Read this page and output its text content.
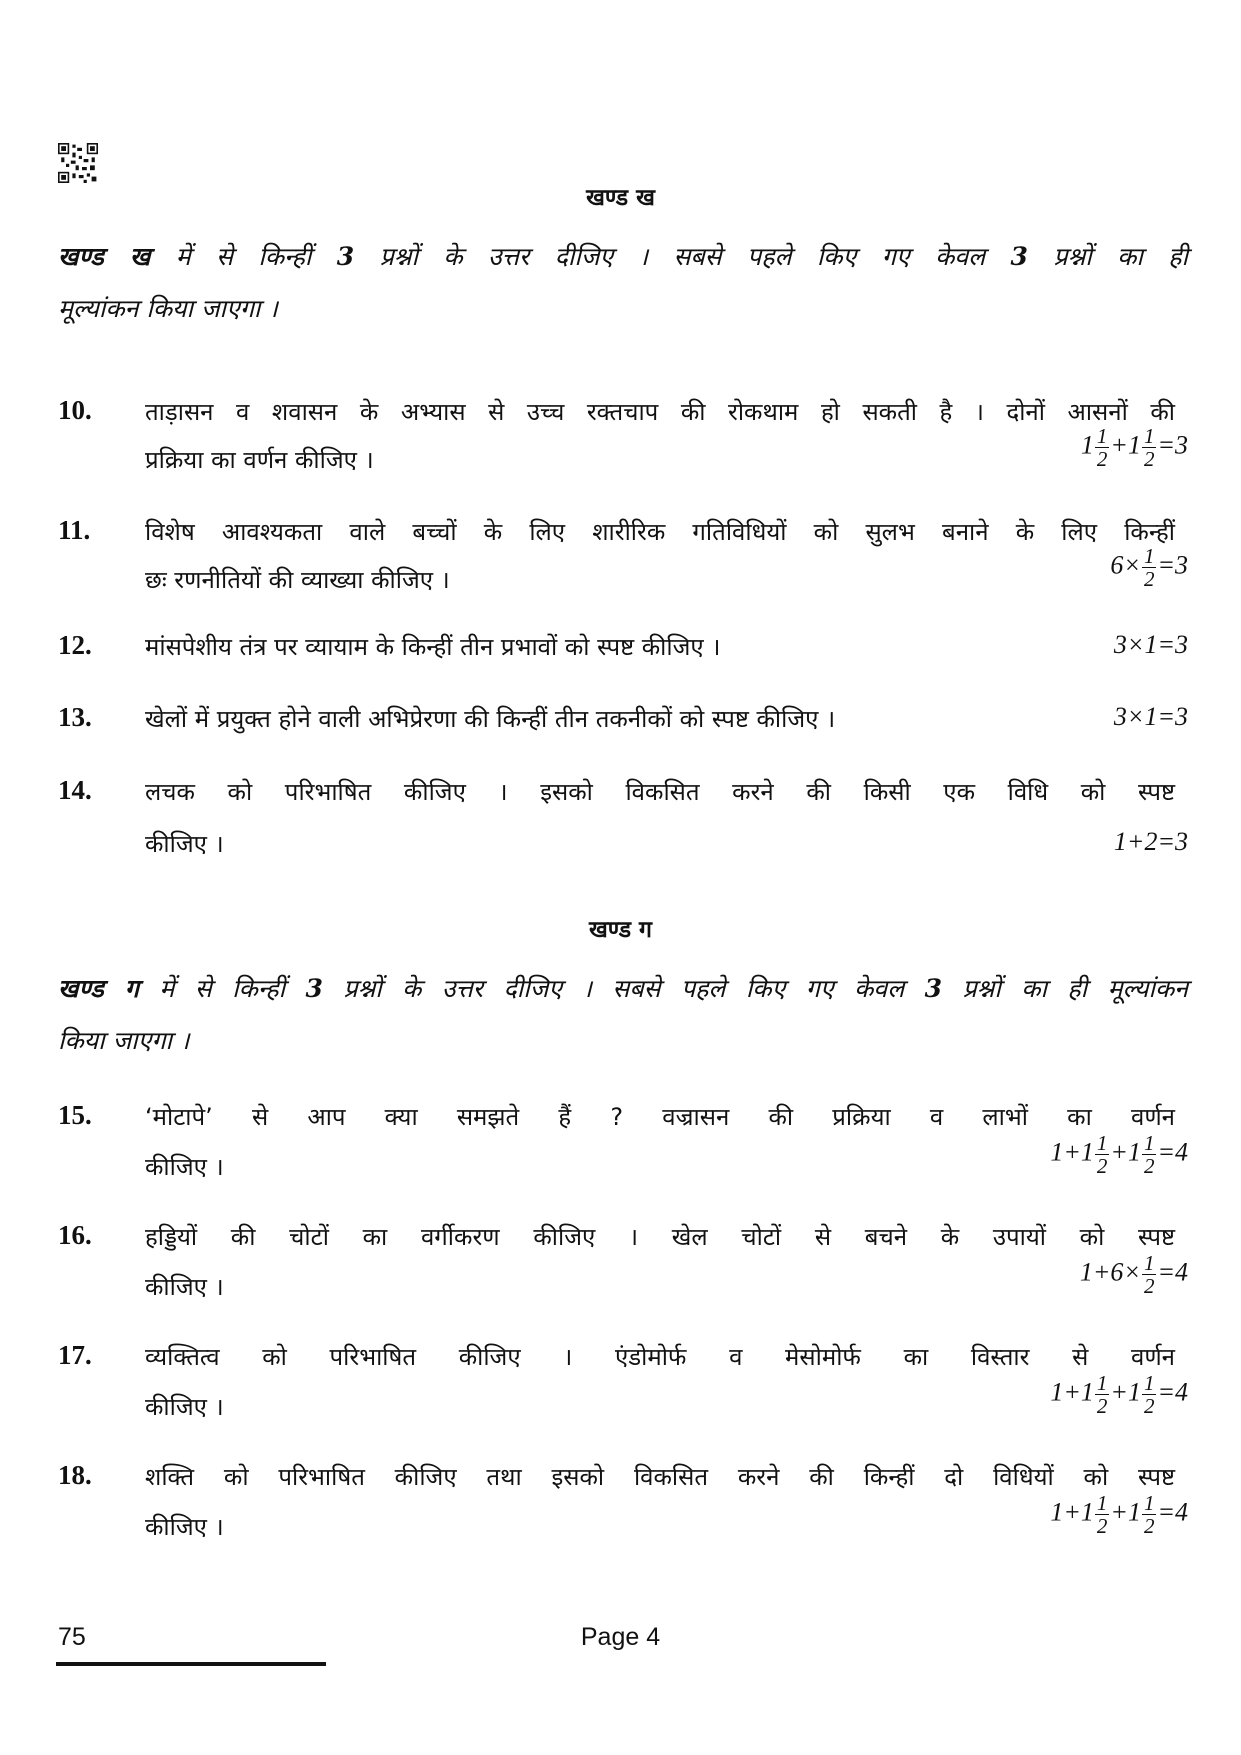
खण्ड ख
खण्ड ख में से किन्हीं 3 प्रश्नों के उत्तर दीजिए । सबसे पहले किए गए केवल 3 प्रश्नों का ही
मूल्यांकन किया जाएगा ।
10. ताड़ासन व शवासन के अभ्यास से उच्च रक्तचाप की रोकथाम हो सकती है । दोनों आसनों की
प्रक्रिया का वर्णन कीजिए ।
$1 \frac{1}{2} +1 \frac{1}{2} =3$
11. विशेष आवश्यकता वाले बच्चों के लिए शारीरिक गतिविधियों को सुलभ बनाने के लिए किन्हीं
छः रणनीतियों की व्याख्या कीजिए ।
$6\times \frac{1}{2} =3$
12. मांसपेशीय तंत्र पर व्यायाम के किन्हीं तीन प्रभावों को स्पष्ट कीजिए ।	3×1=3
13. खेलों में प्रयुक्त होने वाली अभिप्रेरणा की किन्हीं तीन तकनीकों को स्पष्ट कीजिए ।	3×1=3
14. लचक को परिभाषित कीजिए । इसको विकसित करने की किसी एक विधि को स्पष्ट
कीजिए ।	1+2=3
खण्ड ग
खण्ड ग में से किन्हीं 3 प्रश्नों के उत्तर दीजिए । सबसे पहले किए गए केवल 3 प्रश्नों का ही मूल्यांकन
किया जाएगा ।
15. ‘मोटापे’ से आप क्या समझते हैं ? वज्रासन की प्रक्रिया व लाभों का वर्णन
कीजिए ।
$1+1 \frac{1}{2} +1 \frac{1}{2} =4$
16. हड्डियों की चोटों का वर्गीकरण कीजिए । खेल चोटों से बचने के उपायों को स्पष्ट
कीजिए ।
$1+6\times \frac{1}{2} =4$
17. व्यक्तित्व को परिभाषित कीजिए । एंडोमोर्फ व मेसोमोर्फ का विस्तार से वर्णन
कीजिए ।
$1+1 \frac{1}{2} +1 \frac{1}{2} =4$
18. शक्ति को परिभाषित कीजिए तथा इसको विकसित करने की किन्हीं दो विधियों को स्पष्ट
कीजिए ।
$1+1 \frac{1}{2} +1 \frac{1}{2} =4$
75	Page 4
